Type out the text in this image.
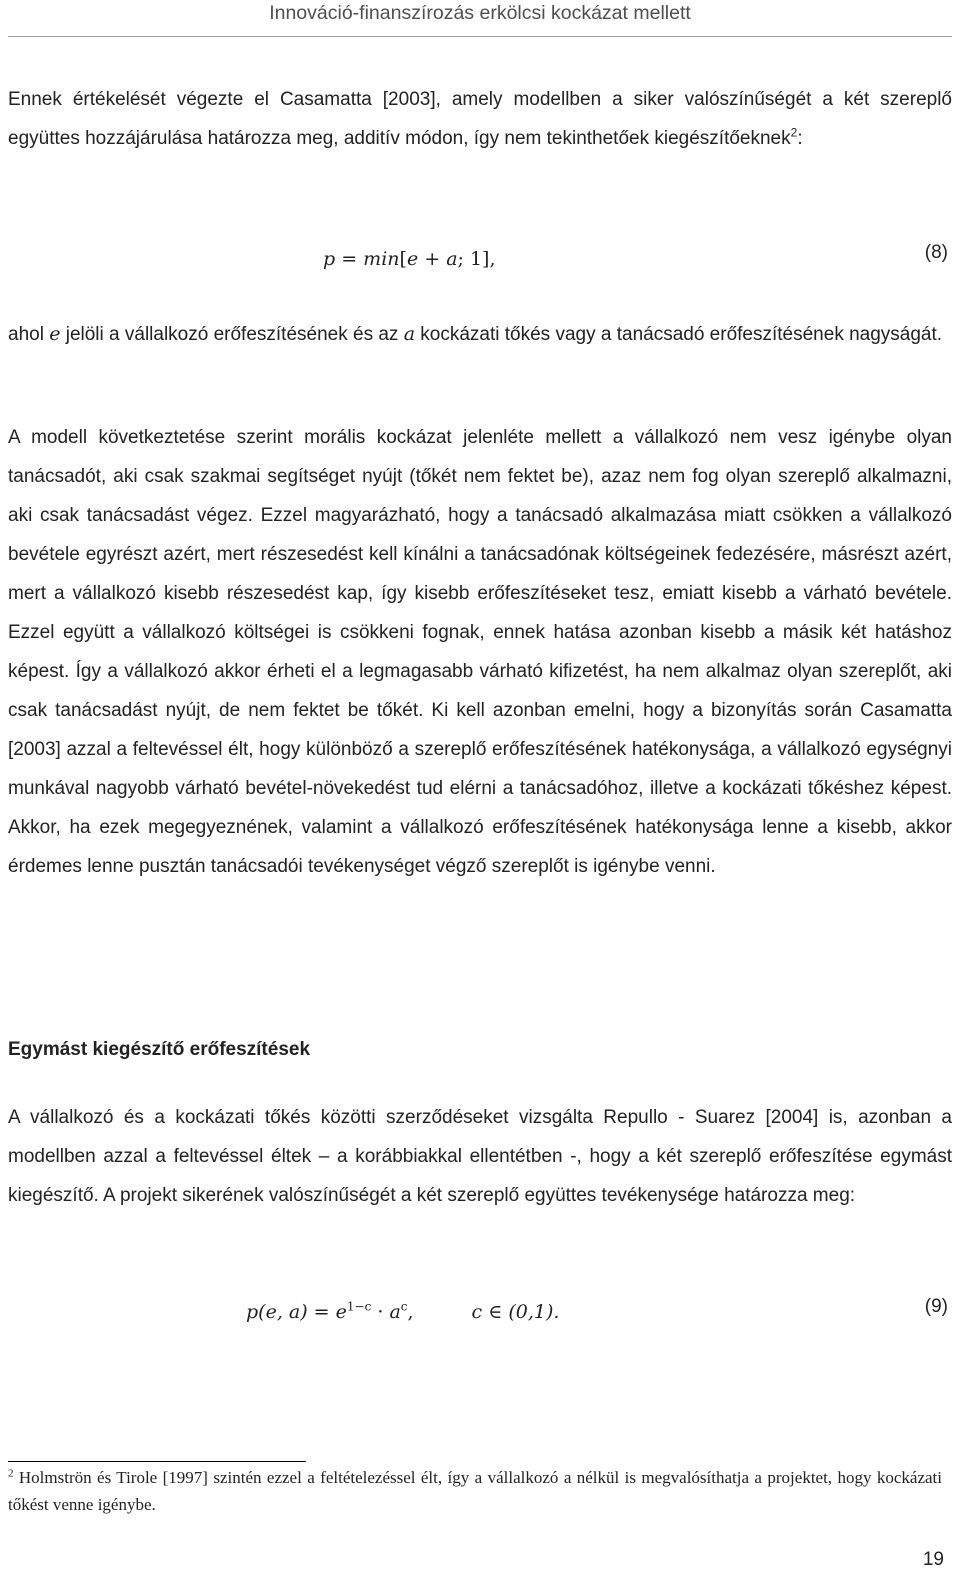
Innováció-finanszírozás erkölcsi kockázat mellett

Ennek értékelését végezte el Casamatta [2003], amely modellben a siker valószínűségét a két szereplő együttes hozzájárulása határozza meg, additív módon, így nem tekinthetőek kiegészítőeknek$^2$:

p = min[e + a; 1],	(8)

ahol e jelöli a vállalkozó erőfeszítésének és az a kockázati tőkés vagy a tanácsadó erőfeszítésének nagyságát.

A modell következtetése szerint morális kockázat jelenléte mellett a vállalkozó nem vesz igénybe olyan tanácsadót, aki csak szakmai segítséget nyújt (tőkét nem fektet be), azaz nem fog olyan szereplő alkalmazni, aki csak tanácsadást végez. Ezzel magyarázható, hogy a tanácsadó alkalmazása miatt csökken a vállalkozó bevétele egyrészt azért, mert részesedést kell kínálni a tanácsadónak költségeinek fedezésére, másrészt azért, mert a vállalkozó kisebb részesedést kap, így kisebb erőfeszítéseket tesz, emiatt kisebb a várható bevétele. Ezzel együtt a vállalkozó költségei is csökkeni fognak, ennek hatása azonban kisebb a másik két hatáshoz képest. Így a vállalkozó akkor érheti el a legmagasabb várható kifizetést, ha nem alkalmaz olyan szereplőt, aki csak tanácsadást nyújt, de nem fektet be tőkét. Ki kell azonban emelni, hogy a bizonyítás során Casamatta [2003] azzal a feltevéssel élt, hogy különböző a szereplő erőfeszítésének hatékonysága, a vállalkozó egységnyi munkával nagyobb várható bevétel-növekedést tud elérni a tanácsadóhoz, illetve a kockázati tőkéshez képest. Akkor, ha ezek megegyeznének, valamint a vállalkozó erőfeszítésének hatékonysága lenne a kisebb, akkor érdemes lenne pusztán tanácsadói tevékenységet végző szereplőt is igénybe venni.

Egymást kiegészítő erőfeszítések

A vállalkozó és a kockázati tőkés közötti szerződéseket vizsgálta Repullo - Suarez [2004] is, azonban a modellben azzal a feltevéssel éltek – a korábbiakkal ellentétben -, hogy a két szereplő erőfeszítése egymást kiegészítő. A projekt sikerének valószínűségét a két szereplő együttes tevékenysége határozza meg:

p(e, $a) = e^{1-c} \cdot a^c$,	c ∈ (0,1).	(9)

$^2$ Holmströn és Tirole [1997] szintén ezzel a feltételezéssel élt, így a vállalkozó a nélkül is megvalósíthatja a projektet, hogy kockázati tőkést venne igénybe.

19
